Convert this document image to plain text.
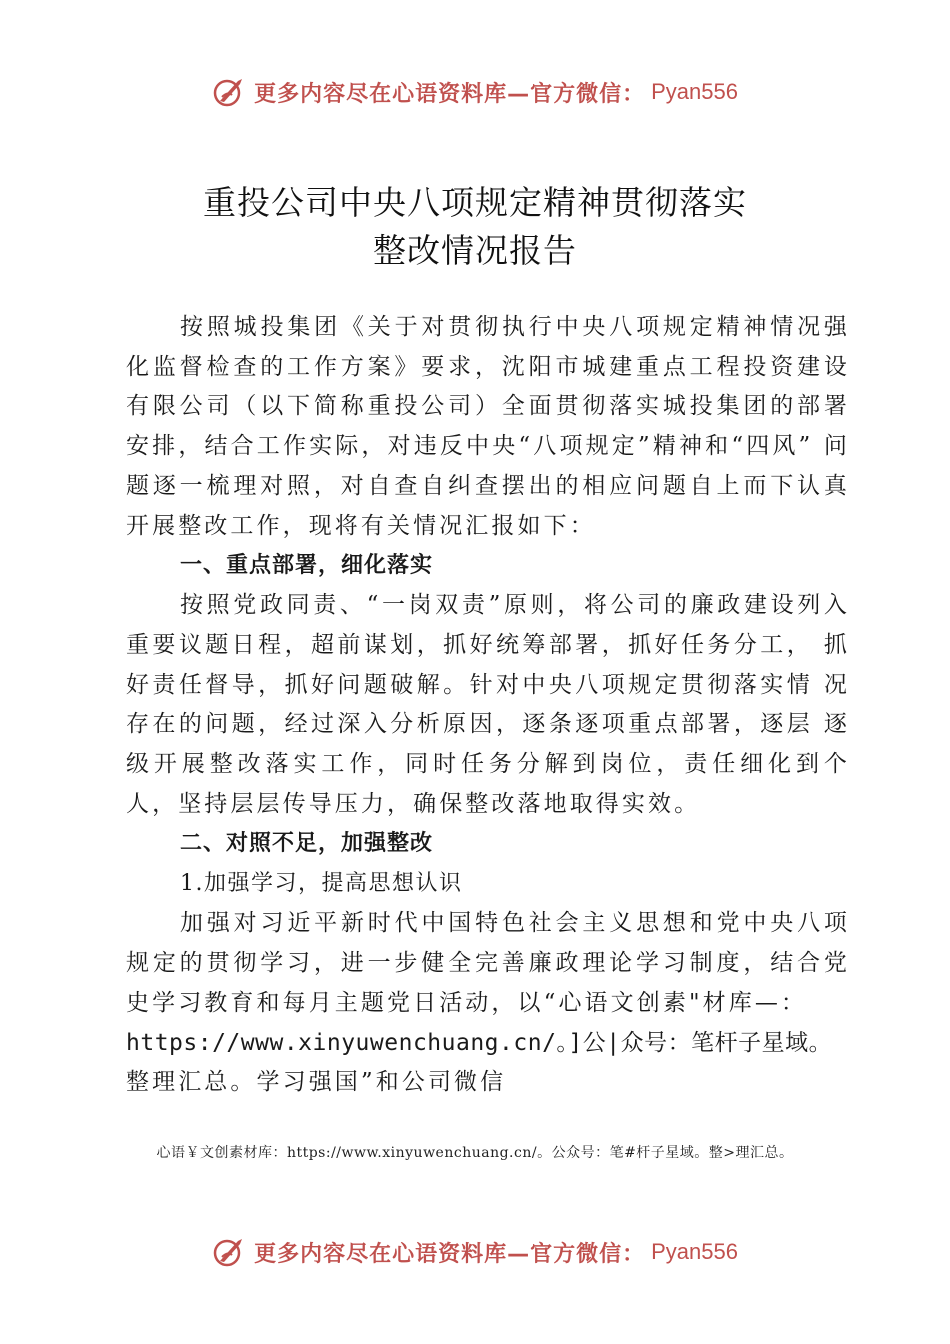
更多内容尽在心语资料库—官方微信： Pyan556
重投公司中央八项规定精神贯彻落实
整改情况报告

按照城投集团《关于对贯彻执行中央八项规定精神情况强化监督检查的工作方案》要求，沈阳市城建重点工程投资建设有限公司（以下简称重投公司）全面贯彻落实城投集团的部署 安排，结合工作实际，对违反中央“八项规定”精神和“四风” 问题逐一梳理对照，对自查自纠查摆出的相应问题自上而下认真开展整改工作，现将有关情况汇报如下：

一、重点部署，细化落实

按照党政同责、“一岗双责”原则，将公司的廉政建设列入重要议题日程，超前谋划，抓好统筹部署，抓好任务分工， 抓好责任督导，抓好问题破解。针对中央八项规定贯彻落实情 况存在的问题，经过深入分析原因，逐条逐项重点部署，逐层 逐级开展整改落实工作，同时任务分解到岗位，责任细化到个 人，坚持层层传导压力，确保整改落地取得实效。

二、对照不足，加强整改

1.加强学习，提高思想认识

加强对习近平新时代中国特色社会主义思想和党中央八项规定的贯彻学习，进一步健全完善廉政理论学习制度，结合党史学习教育和每月主题党日活动，以“心语文创素"材库—：

https://www.xinyuwenchuang.cn/。]公|众号：笔杆子星域。

整理汇总。学习强国”和公司微信

心语￥文创素材库：https://www.xinyuwenchuang.cn/。公众号：笔#杆子星域。整>理汇总。
更多内容尽在心语资料库—官方微信： Pyan556
